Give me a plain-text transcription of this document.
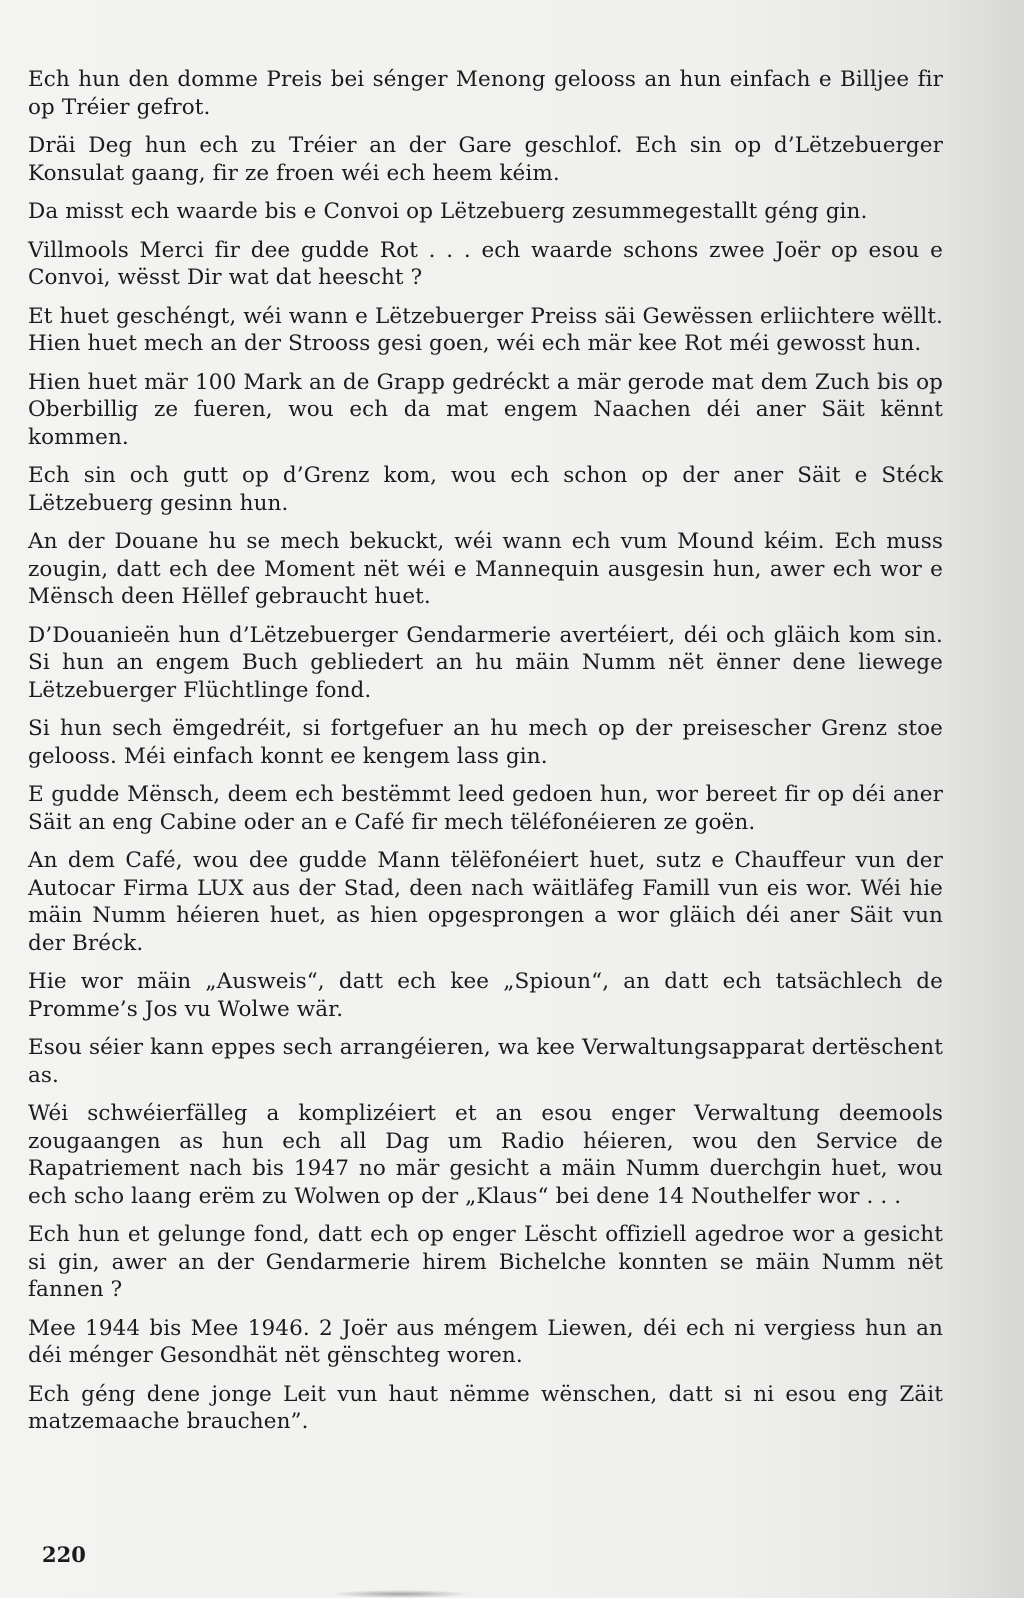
Ech hun den domme Preis bei sénger Menong gelooss an hun einfach e Billjee fir op Tréier gefrot.

Dräi Deg hun ech zu Tréier an der Gare geschlof. Ech sin op d’Lëtzebuerger Konsulat gaang, fir ze froen wéi ech heem kéim.

Da misst ech waarde bis e Convoi op Lëtzebuerg zesummegestallt géng gin.

Villmools Merci fir dee gudde Rot . . . ech waarde schons zwee Joër op esou e Convoi, wësst Dir wat dat heescht ?

Et huet geschéngt, wéi wann e Lëtzebuerger Preiss säi Gewëssen erliichtere wëllt. Hien huet mech an der Strooss gesi goen, wéi ech mär kee Rot méi gewosst hun.

Hien huet mär 100 Mark an de Grapp gedréckt a mär gerode mat dem Zuch bis op Oberbillig ze fueren, wou ech da mat engem Naachen déi aner Säit kënnt kommen.

Ech sin och gutt op d’Grenz kom, wou ech schon op der aner Säit e Stéck Lëtzebuerg gesinn hun.

An der Douane hu se mech bekuckt, wéi wann ech vum Mound kéim. Ech muss zougin, datt ech dee Moment nët wéi e Mannequin ausgesin hun, awer ech wor e Mënsch deen Hëllef gebraucht huet.

D’Douanieën hun d’Lëtzebuerger Gendarmerie avertéiert, déi och gläich kom sin. Si hun an engem Buch gebliedert an hu mäin Numm nët ënner dene liewege Lëtzebuerger Flüchtlinge fond.

Si hun sech ëmgedréit, si fortgefuer an hu mech op der preisescher Grenz stoe gelooss. Méi einfach konnt ee kengem lass gin.

E gudde Mënsch, deem ech bestëmmt leed gedoen hun, wor bereet fir op déi aner Säit an eng Cabine oder an e Café fir mech tëléfonéieren ze goën.

An dem Café, wou dee gudde Mann tëlëfonéiert huet, sutz e Chauffeur vun der Autocar Firma LUX aus der Stad, deen nach wäitläfeg Famill vun eis wor. Wéi hie mäin Numm héieren huet, as hien opgesprongen a wor gläich déi aner Säit vun der Bréck.

Hie wor mäin „Ausweis“, datt ech kee „Spioun“, an datt ech tatsächlech de Promme’s Jos vu Wolwe wär.

Esou séier kann eppes sech arrangéieren, wa kee Verwaltungsapparat dertëschent as.

Wéi schwéierfälleg a komplizéiert et an esou enger Verwaltung deemools zougaangen as hun ech all Dag um Radio héieren, wou den Service de Rapatriement nach bis 1947 no mär gesicht a mäin Numm duerchgin huet, wou ech scho laang erëm zu Wolwen op der „Klaus“ bei dene 14 Nouthelfer wor . . .

Ech hun et gelunge fond, datt ech op enger Lëscht offiziell agedroe wor a gesicht si gin, awer an der Gendarmerie hirem Bichelche konnten se mäin Numm nët fannen ?

Mee 1944 bis Mee 1946. 2 Joër aus méngem Liewen, déi ech ni vergiess hun an déi ménger Gesondhät nët gënschteg woren.

Ech géng dene jonge Leit vun haut nëmme wënschen, datt si ni esou eng Zäit matzemaache brauchen”.

220
